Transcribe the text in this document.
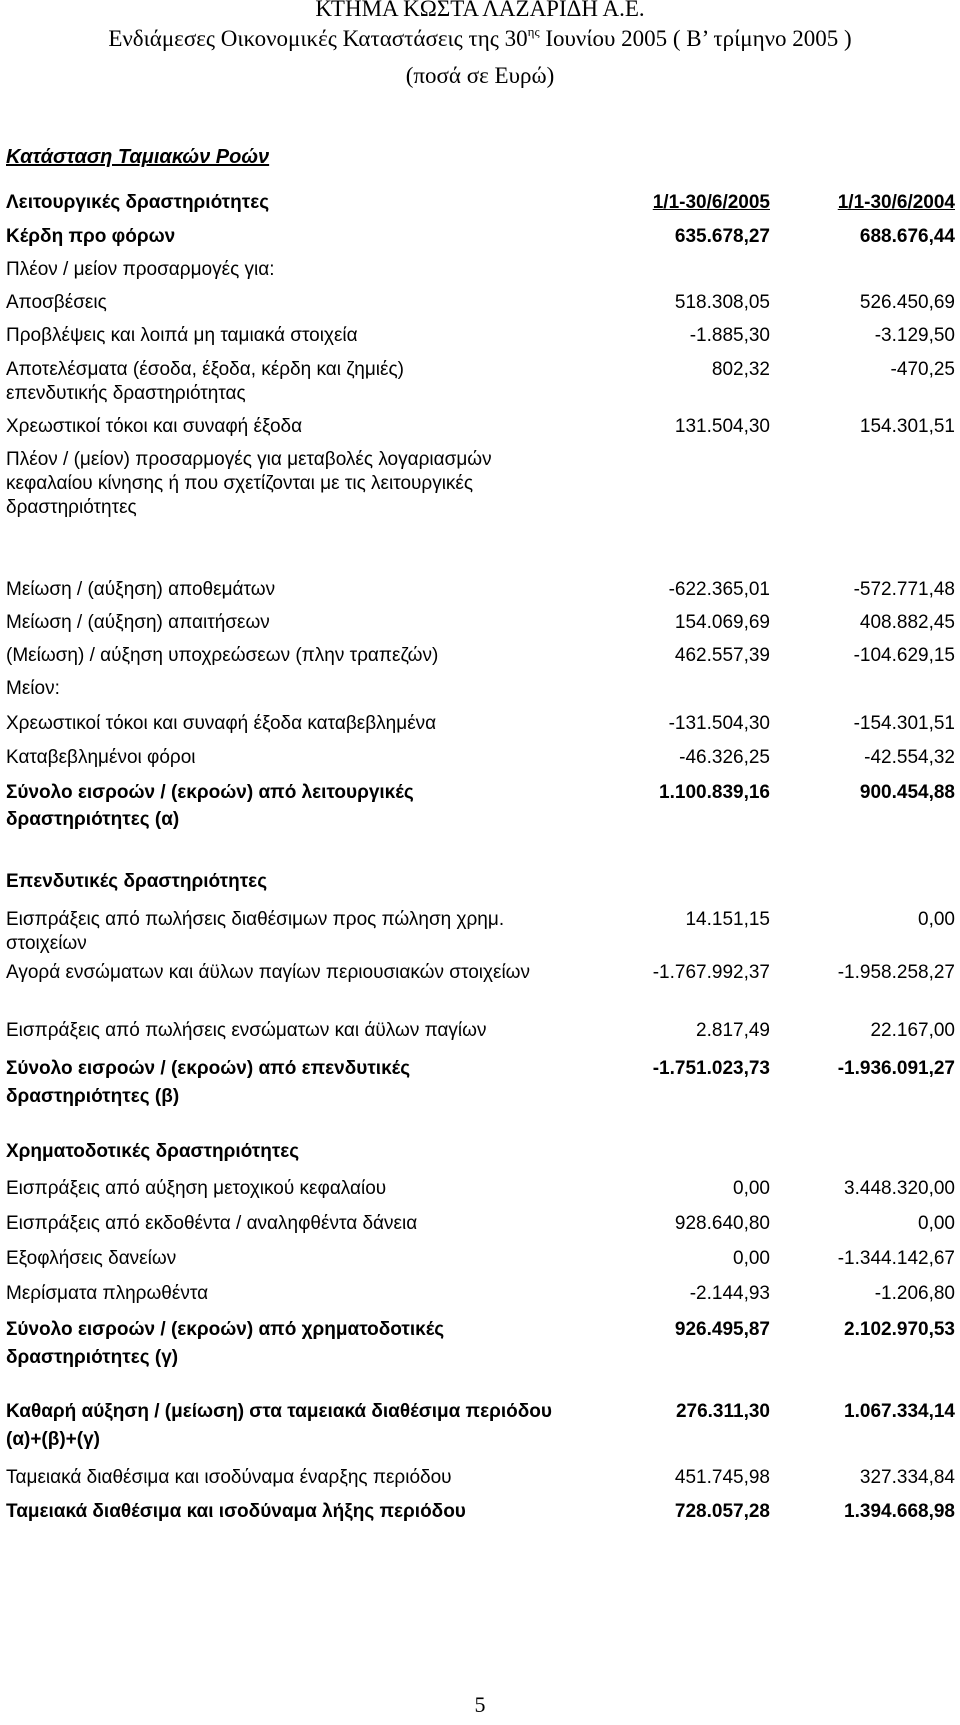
ΚΤΗΜΑ ΚΩΣΤΑ ΛΑΖΑΡΙΔΗ Α.Ε.
Ενδιάμεσες Οικονομικές Καταστάσεις της $30^{\eta\varsigma}$ Ιουνίου 2005 ( Β’ τρίμηνο 2005 )
(ποσά σε Ευρώ)
Κατάσταση Ταμιακών Ροών
Λειτουργικές δραστηριότητες	1/1-30/6/2005	1/1-30/6/2004
Κέρδη προ φόρων	635.678,27	688.676,44
Πλέον / μείον προσαρμογές για:
Αποσβέσεις	518.308,05	526.450,69
Προβλέψεις και λοιπά μη ταμιακά στοιχεία	-1.885,30	-3.129,50
Αποτελέσματα (έσοδα, έξοδα, κέρδη και ζημιές) επενδυτικής δραστηριότητας
802,32	-470,25
Χρεωστικοί τόκοι και συναφή έξοδα	131.504,30	154.301,51
Πλέον / (μείον) προσαρμογές για μεταβολές λογαριασμών κεφαλαίου κίνησης ή που σχετίζονται με τις λειτουργικές δραστηριότητες
Μείωση / (αύξηση) αποθεμάτων	-622.365,01	-572.771,48
Μείωση / (αύξηση) απαιτήσεων	154.069,69	408.882,45
(Μείωση) / αύξηση υποχρεώσεων (πλην τραπεζών)	462.557,39	-104.629,15
Μείον:
Χρεωστικοί τόκοι και συναφή έξοδα καταβεβλημένα	-131.504,30	-154.301,51
Καταβεβλημένοι φόροι	-46.326,25	-42.554,32
Σύνολο εισροών / (εκροών) από λειτουργικές δραστηριότητες (α)
1.100.839,16	900.454,88
Επενδυτικές δραστηριότητες
Εισπράξεις από πωλήσεις διαθέσιμων προς πώληση χρημ. στοιχείων
14.151,15	0,00
Αγορά ενσώματων και άϋλων παγίων περιουσιακών στοιχείων	-1.767.992,37	-1.958.258,27
Εισπράξεις από πωλήσεις ενσώματων και άϋλων παγίων	2.817,49	22.167,00
Σύνολο εισροών / (εκροών) από επενδυτικές δραστηριότητες (β)
-1.751.023,73	-1.936.091,27
Χρηματοδοτικές δραστηριότητες
Εισπράξεις από αύξηση μετοχικού κεφαλαίου	0,00	3.448.320,00
Εισπράξεις από εκδοθέντα / αναληφθέντα δάνεια	928.640,80	0,00
Εξοφλήσεις δανείων	0,00	-1.344.142,67
Μερίσματα πληρωθέντα	-2.144,93	-1.206,80
Σύνολο εισροών / (εκροών) από χρηματοδοτικές δραστηριότητες (γ)
926.495,87	2.102.970,53
Καθαρή αύξηση / (μείωση) στα ταμειακά διαθέσιμα περιόδου (α)+(β)+(γ)
276.311,30	1.067.334,14
Ταμειακά διαθέσιμα και ισοδύναμα έναρξης περιόδου	451.745,98	327.334,84
Ταμειακά διαθέσιμα και ισοδύναμα λήξης περιόδου	728.057,28	1.394.668,98
5
